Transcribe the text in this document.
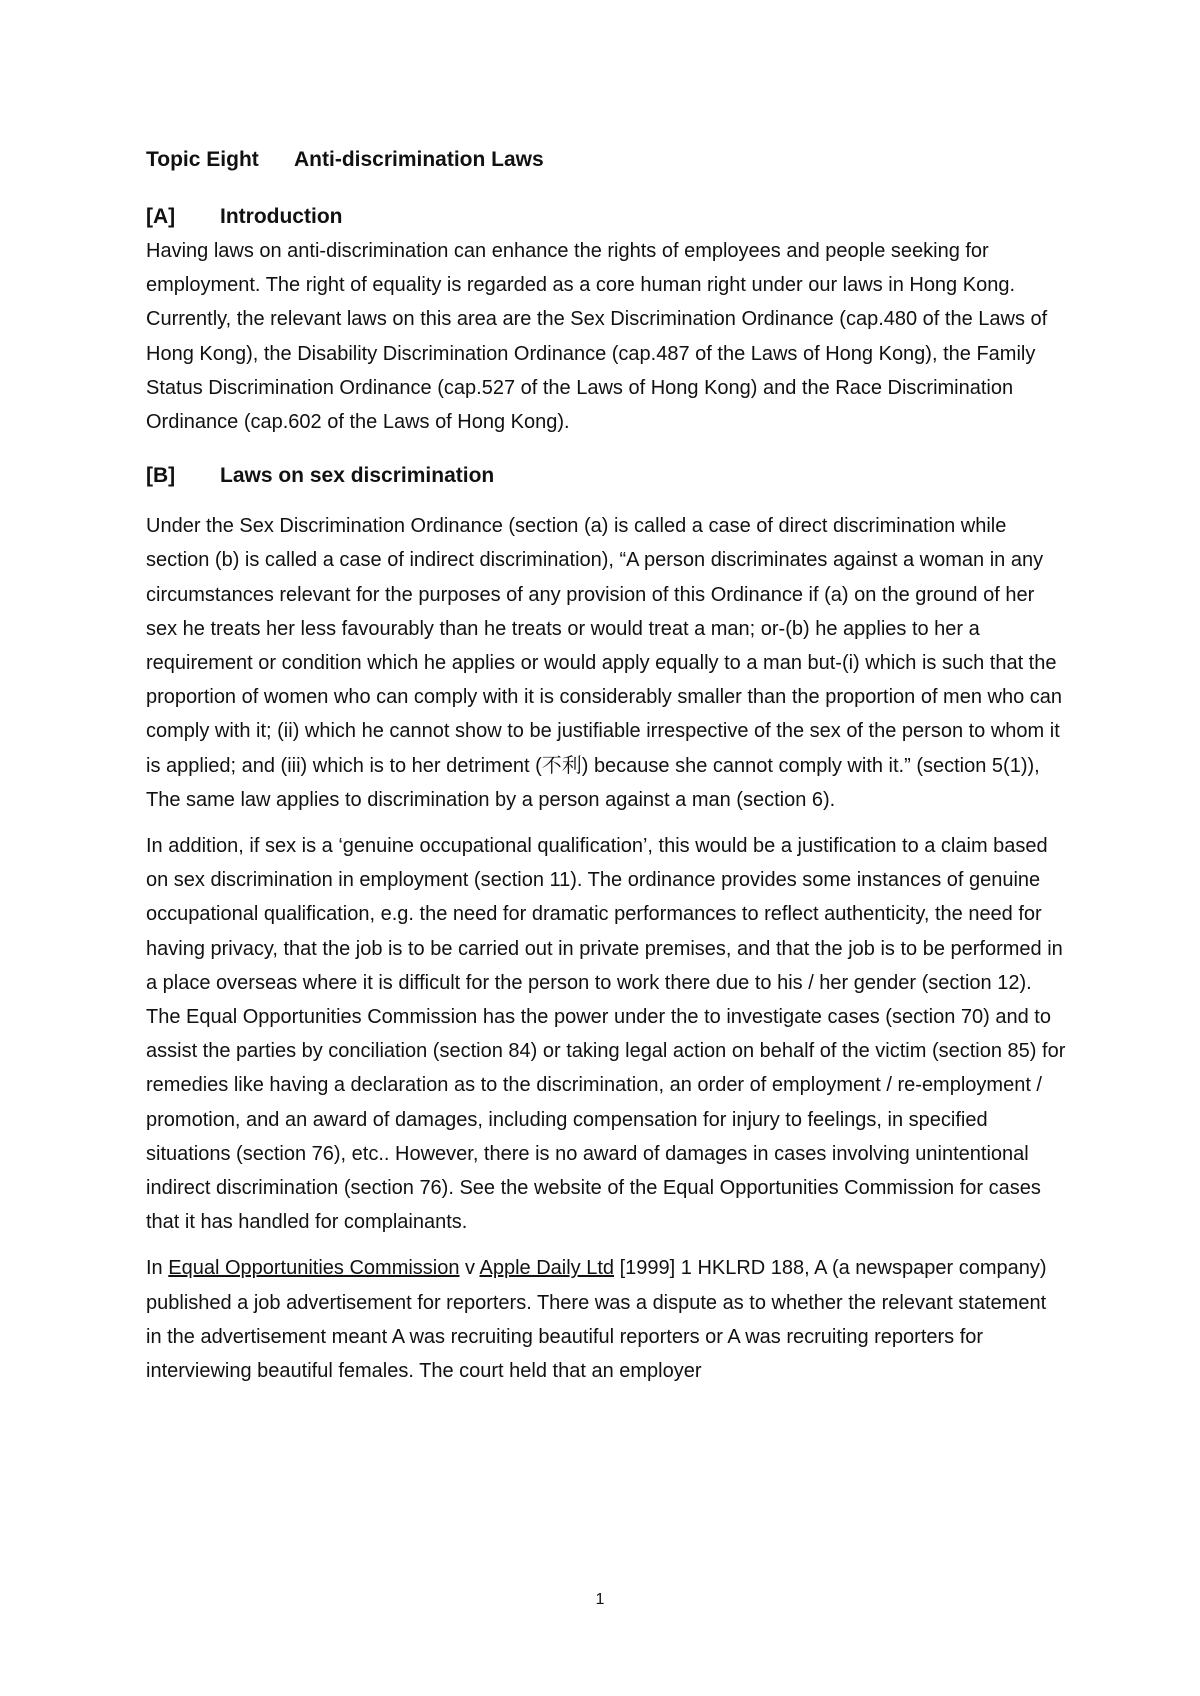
Topic Eight Anti-discrimination Laws
[A] Introduction

Having laws on anti-discrimination can enhance the rights of employees and people seeking for employment. The right of equality is regarded as a core human right under our laws in Hong Kong. Currently, the relevant laws on this area are the Sex Discrimination Ordinance (cap.480 of the Laws of Hong Kong), the Disability Discrimination Ordinance (cap.487 of the Laws of Hong Kong), the Family Status Discrimination Ordinance (cap.527 of the Laws of Hong Kong) and the Race Discrimination Ordinance (cap.602 of the Laws of Hong Kong).

[B] Laws on sex discrimination

Under the Sex Discrimination Ordinance (section (a) is called a case of direct discrimination while section (b) is called a case of indirect discrimination), “A person discriminates against a woman in any circumstances relevant for the purposes of any provision of this Ordinance if (a) on the ground of her sex he treats her less favourably than he treats or would treat a man; or-(b) he applies to her a requirement or condition which he applies or would apply equally to a man but-(i) which is such that the proportion of women who can comply with it is considerably smaller than the proportion of men who can comply with it; (ii) which he cannot show to be justifiable irrespective of the sex of the person to whom it is applied; and (iii) which is to her detriment (不利) because she cannot comply with it.” (section 5(1)), The same law applies to discrimination by a person against a man (section 6).

In addition, if sex is a ‘genuine occupational qualification’, this would be a justification to a claim based on sex discrimination in employment (section 11). The ordinance provides some instances of genuine occupational qualification, e.g. the need for dramatic performances to reflect authenticity, the need for having privacy, that the job is to be carried out in private premises, and that the job is to be performed in a place overseas where it is difficult for the person to work there due to his / her gender (section 12). The Equal Opportunities Commission has the power under the to investigate cases (section 70) and to assist the parties by conciliation (section 84) or taking legal action on behalf of the victim (section 85) for remedies like having a declaration as to the discrimination, an order of employment / re-employment / promotion, and an award of damages, including compensation for injury to feelings, in specified situations (section 76), etc.. However, there is no award of damages in cases involving unintentional indirect discrimination (section 76). See the website of the Equal Opportunities Commission for cases that it has handled for complainants.

In Equal Opportunities Commission v Apple Daily Ltd [1999] 1 HKLRD 188, A (a newspaper company) published a job advertisement for reporters. There was a dispute as to whether the relevant statement in the advertisement meant A was recruiting beautiful reporters or A was recruiting reporters for interviewing beautiful females. The court held that an employer

1
